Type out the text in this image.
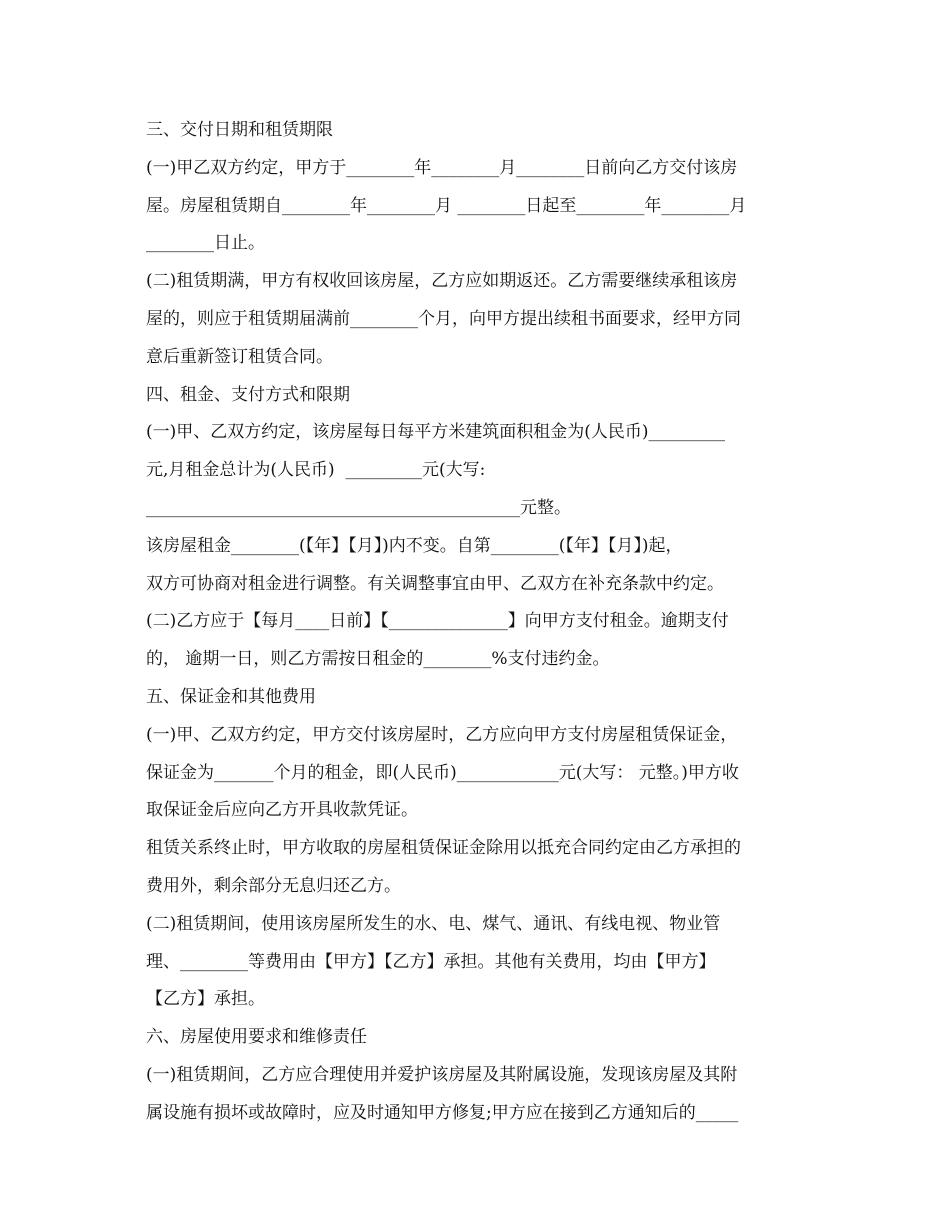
三、交付日期和租赁期限
(一)甲乙双方约定，甲方于________年________月________日前向乙方交付该房
屋。房屋租赁期自________年________月 ________日起至________年________月
________日止。
(二)租赁期满，甲方有权收回该房屋，乙方应如期返还。乙方需要继续承租该房
屋的，则应于租赁期届满前________个月，向甲方提出续租书面要求，经甲方同
意后重新签订租赁合同。
四、租金、支付方式和限期
(一)甲、乙双方约定，该房屋每日每平方米建筑面积租金为(人民币)_________
元,月租金总计为(人民币)  _________元(大写:
____________________________________________元整。
该房屋租金________(【年】【月】)内不变。自第________(【年】【月】)起，
双方可协商对租金进行调整。有关调整事宜由甲、乙双方在补充条款中约定。
(二)乙方应于【每月____日前】【______________】向甲方支付租金。逾期支付
的， 逾期一日，则乙方需按日租金的________%支付违约金。
五、保证金和其他费用
(一)甲、乙双方约定，甲方交付该房屋时，乙方应向甲方支付房屋租赁保证金，
保证金为_______个月的租金，即(人民币)____________元(大写： 元整。)甲方收
取保证金后应向乙方开具收款凭证。
租赁关系终止时，甲方收取的房屋租赁保证金除用以抵充合同约定由乙方承担的
费用外，剩余部分无息归还乙方。
(二)租赁期间，使用该房屋所发生的水、电、煤气、通讯、有线电视、物业管
理、________等费用由【甲方】【乙方】承担。其他有关费用，均由【甲方】
【乙方】承担。
六、房屋使用要求和维修责任
(一)租赁期间，乙方应合理使用并爱护该房屋及其附属设施，发现该房屋及其附
属设施有损坏或故障时，应及时通知甲方修复;甲方应在接到乙方通知后的_____
